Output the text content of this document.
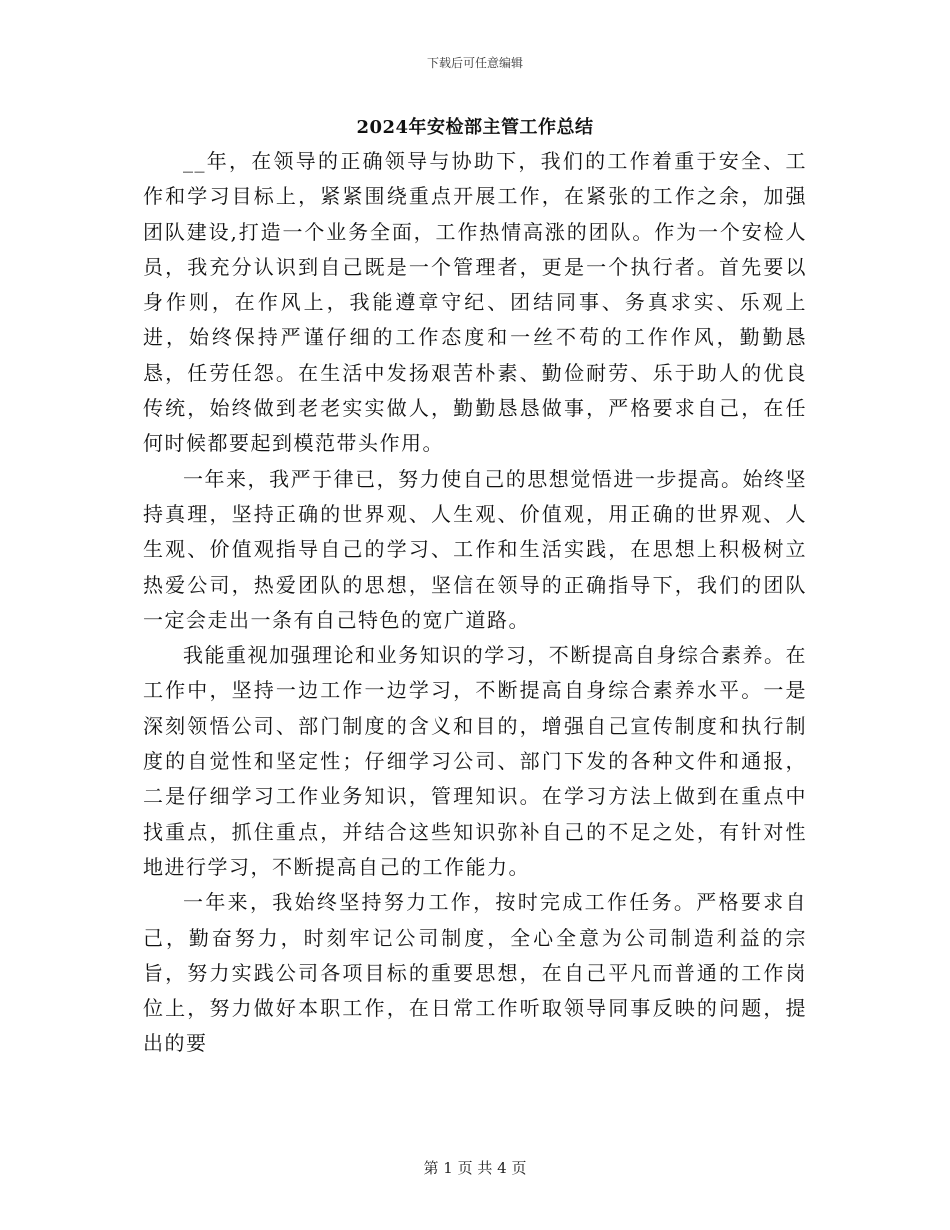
下载后可任意编辑
2024年安检部主管工作总结

__年，在领导的正确领导与协助下，我们的工作着重于安全、工作和学习目标上，紧紧围绕重点开展工作，在紧张的工作之余，加强团队建设,打造一个业务全面，工作热情高涨的团队。作为一个安检人员，我充分认识到自己既是一个管理者，更是一个执行者。首先要以身作则，在作风上，我能遵章守纪、团结同事、务真求实、乐观上进，始终保持严谨仔细的工作态度和一丝不苟的工作作风，勤勤恳恳，任劳任怨。在生活中发扬艰苦朴素、勤俭耐劳、乐于助人的优良传统，始终做到老老实实做人，勤勤恳恳做事，严格要求自己，在任何时候都要起到模范带头作用。

一年来，我严于律已，努力使自己的思想觉悟进一步提高。始终坚持真理，坚持正确的世界观、人生观、价值观，用正确的世界观、人生观、价值观指导自己的学习、工作和生活实践，在思想上积极树立热爱公司，热爱团队的思想，坚信在领导的正确指导下，我们的团队一定会走出一条有自己特色的宽广道路。

我能重视加强理论和业务知识的学习，不断提高自身综合素养。在工作中，坚持一边工作一边学习，不断提高自身综合素养水平。一是深刻领悟公司、部门制度的含义和目的，增强自己宣传制度和执行制度的自觉性和坚定性；仔细学习公司、部门下发的各种文件和通报，二是仔细学习工作业务知识，管理知识。在学习方法上做到在重点中找重点，抓住重点，并结合这些知识弥补自己的不足之处，有针对性地进行学习，不断提高自己的工作能力。

一年来，我始终坚持努力工作，按时完成工作任务。严格要求自己，勤奋努力，时刻牢记公司制度，全心全意为公司制造利益的宗旨，努力实践公司各项目标的重要思想，在自己平凡而普通的工作岗位上，努力做好本职工作，在日常工作听取领导同事反映的问题，提出的要

第 1 页 共 4 页
